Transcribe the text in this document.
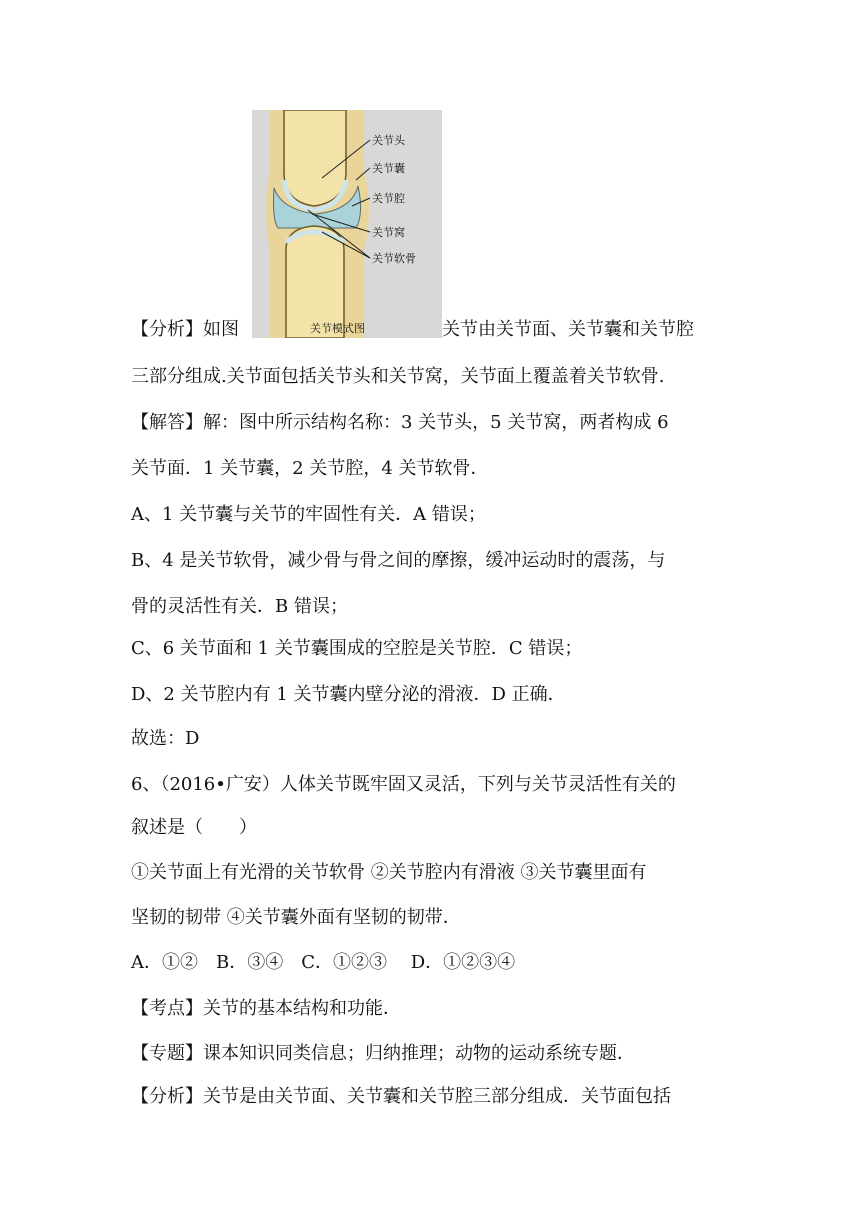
关节头
关节囊
关节腔
关节窝
关节软骨
关节模式图
【分析】如图	关节由关节面、关节囊和关节腔
三部分组成.关节面包括关节头和关节窝，关节面上覆盖着关节软骨.
【解答】解：图中所示结构名称：3 关节头，5 关节窝，两者构成 6
关节面．1 关节囊，2 关节腔，4 关节软骨．
A、1 关节囊与关节的牢固性有关．A 错误；
B、4 是关节软骨，减少骨与骨之间的摩擦，缓冲运动时的震荡，与
骨的灵活性有关．B 错误；
C、6 关节面和 1 关节囊围成的空腔是关节腔．C 错误；
D、2 关节腔内有 1 关节囊内壁分泌的滑液．D 正确．
故选：D
6、（2016•广安）人体关节既牢固又灵活，下列与关节灵活性有关的
叙述是（　　）
①关节面上有光滑的关节软骨 ②关节腔内有滑液 ③关节囊里面有
坚韧的韧带 ④关节囊外面有坚韧的韧带．
A．①②　B．③④　C．①②③　 D．①②③④
【考点】关节的基本结构和功能．
【专题】课本知识同类信息；归纳推理；动物的运动系统专题．
【分析】关节是由关节面、关节囊和关节腔三部分组成．关节面包括
